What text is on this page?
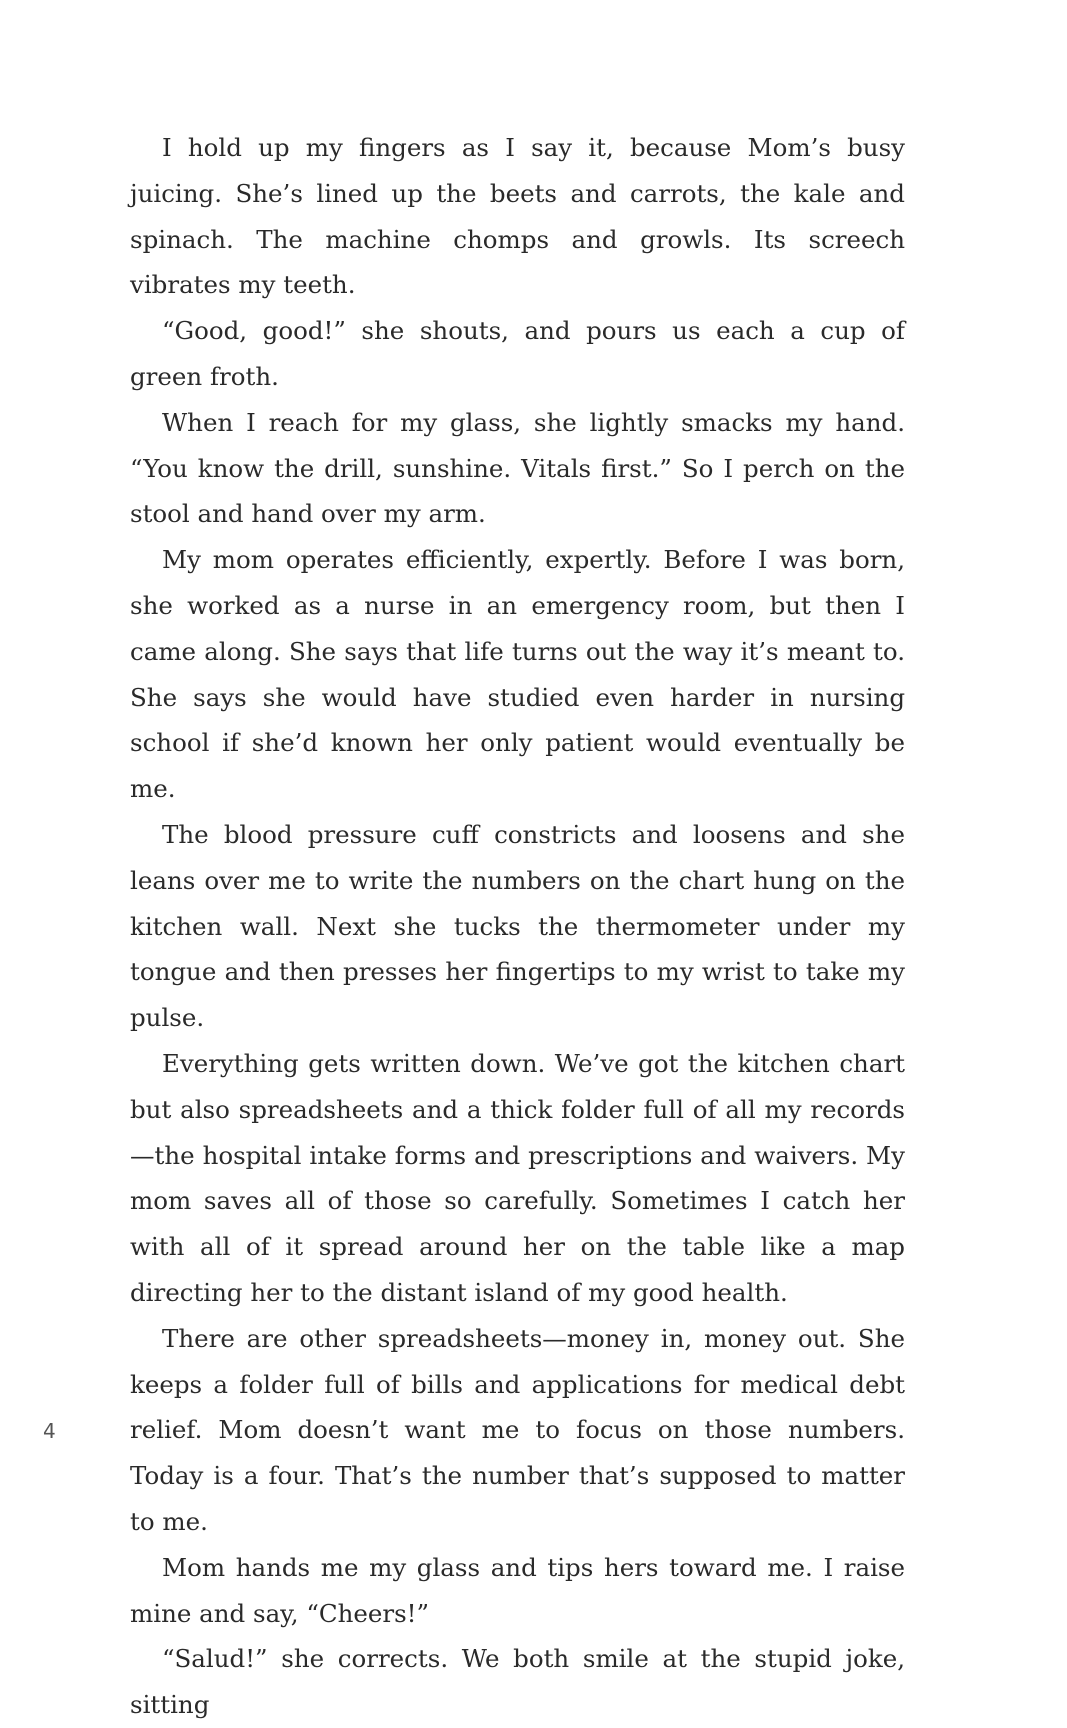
I hold up my fingers as I say it, because Mom’s busy juicing. She’s lined up the beets and carrots, the kale and spinach. The machine chomps and growls. Its screech vibrates my teeth.

“Good, good!” she shouts, and pours us each a cup of green froth.

When I reach for my glass, she lightly smacks my hand. “You know the drill, sunshine. Vitals first.” So I perch on the stool and hand over my arm.

My mom operates efficiently, expertly. Before I was born, she worked as a nurse in an emergency room, but then I came along. She says that life turns out the way it’s meant to. She says she would have studied even harder in nursing school if she’d known her only patient would eventually be me.

The blood pressure cuff constricts and loosens and she leans over me to write the numbers on the chart hung on the kitchen wall. Next she tucks the thermometer under my tongue and then presses her fingertips to my wrist to take my pulse.

Everything gets written down. We’ve got the kitchen chart but also spreadsheets and a thick folder full of all my records—the hospital intake forms and prescriptions and waivers. My mom saves all of those so carefully. Sometimes I catch her with all of it spread around her on the table like a map directing her to the distant island of my good health.

There are other spreadsheets—money in, money out. She keeps a folder full of bills and applications for medical debt relief. Mom doesn’t want me to focus on those numbers. Today is a four. That’s the number that’s supposed to matter to me.

Mom hands me my glass and tips hers toward me. I raise mine and say, “Cheers!”

“Salud!” she corrects. We both smile at the stupid joke, sitting

4
